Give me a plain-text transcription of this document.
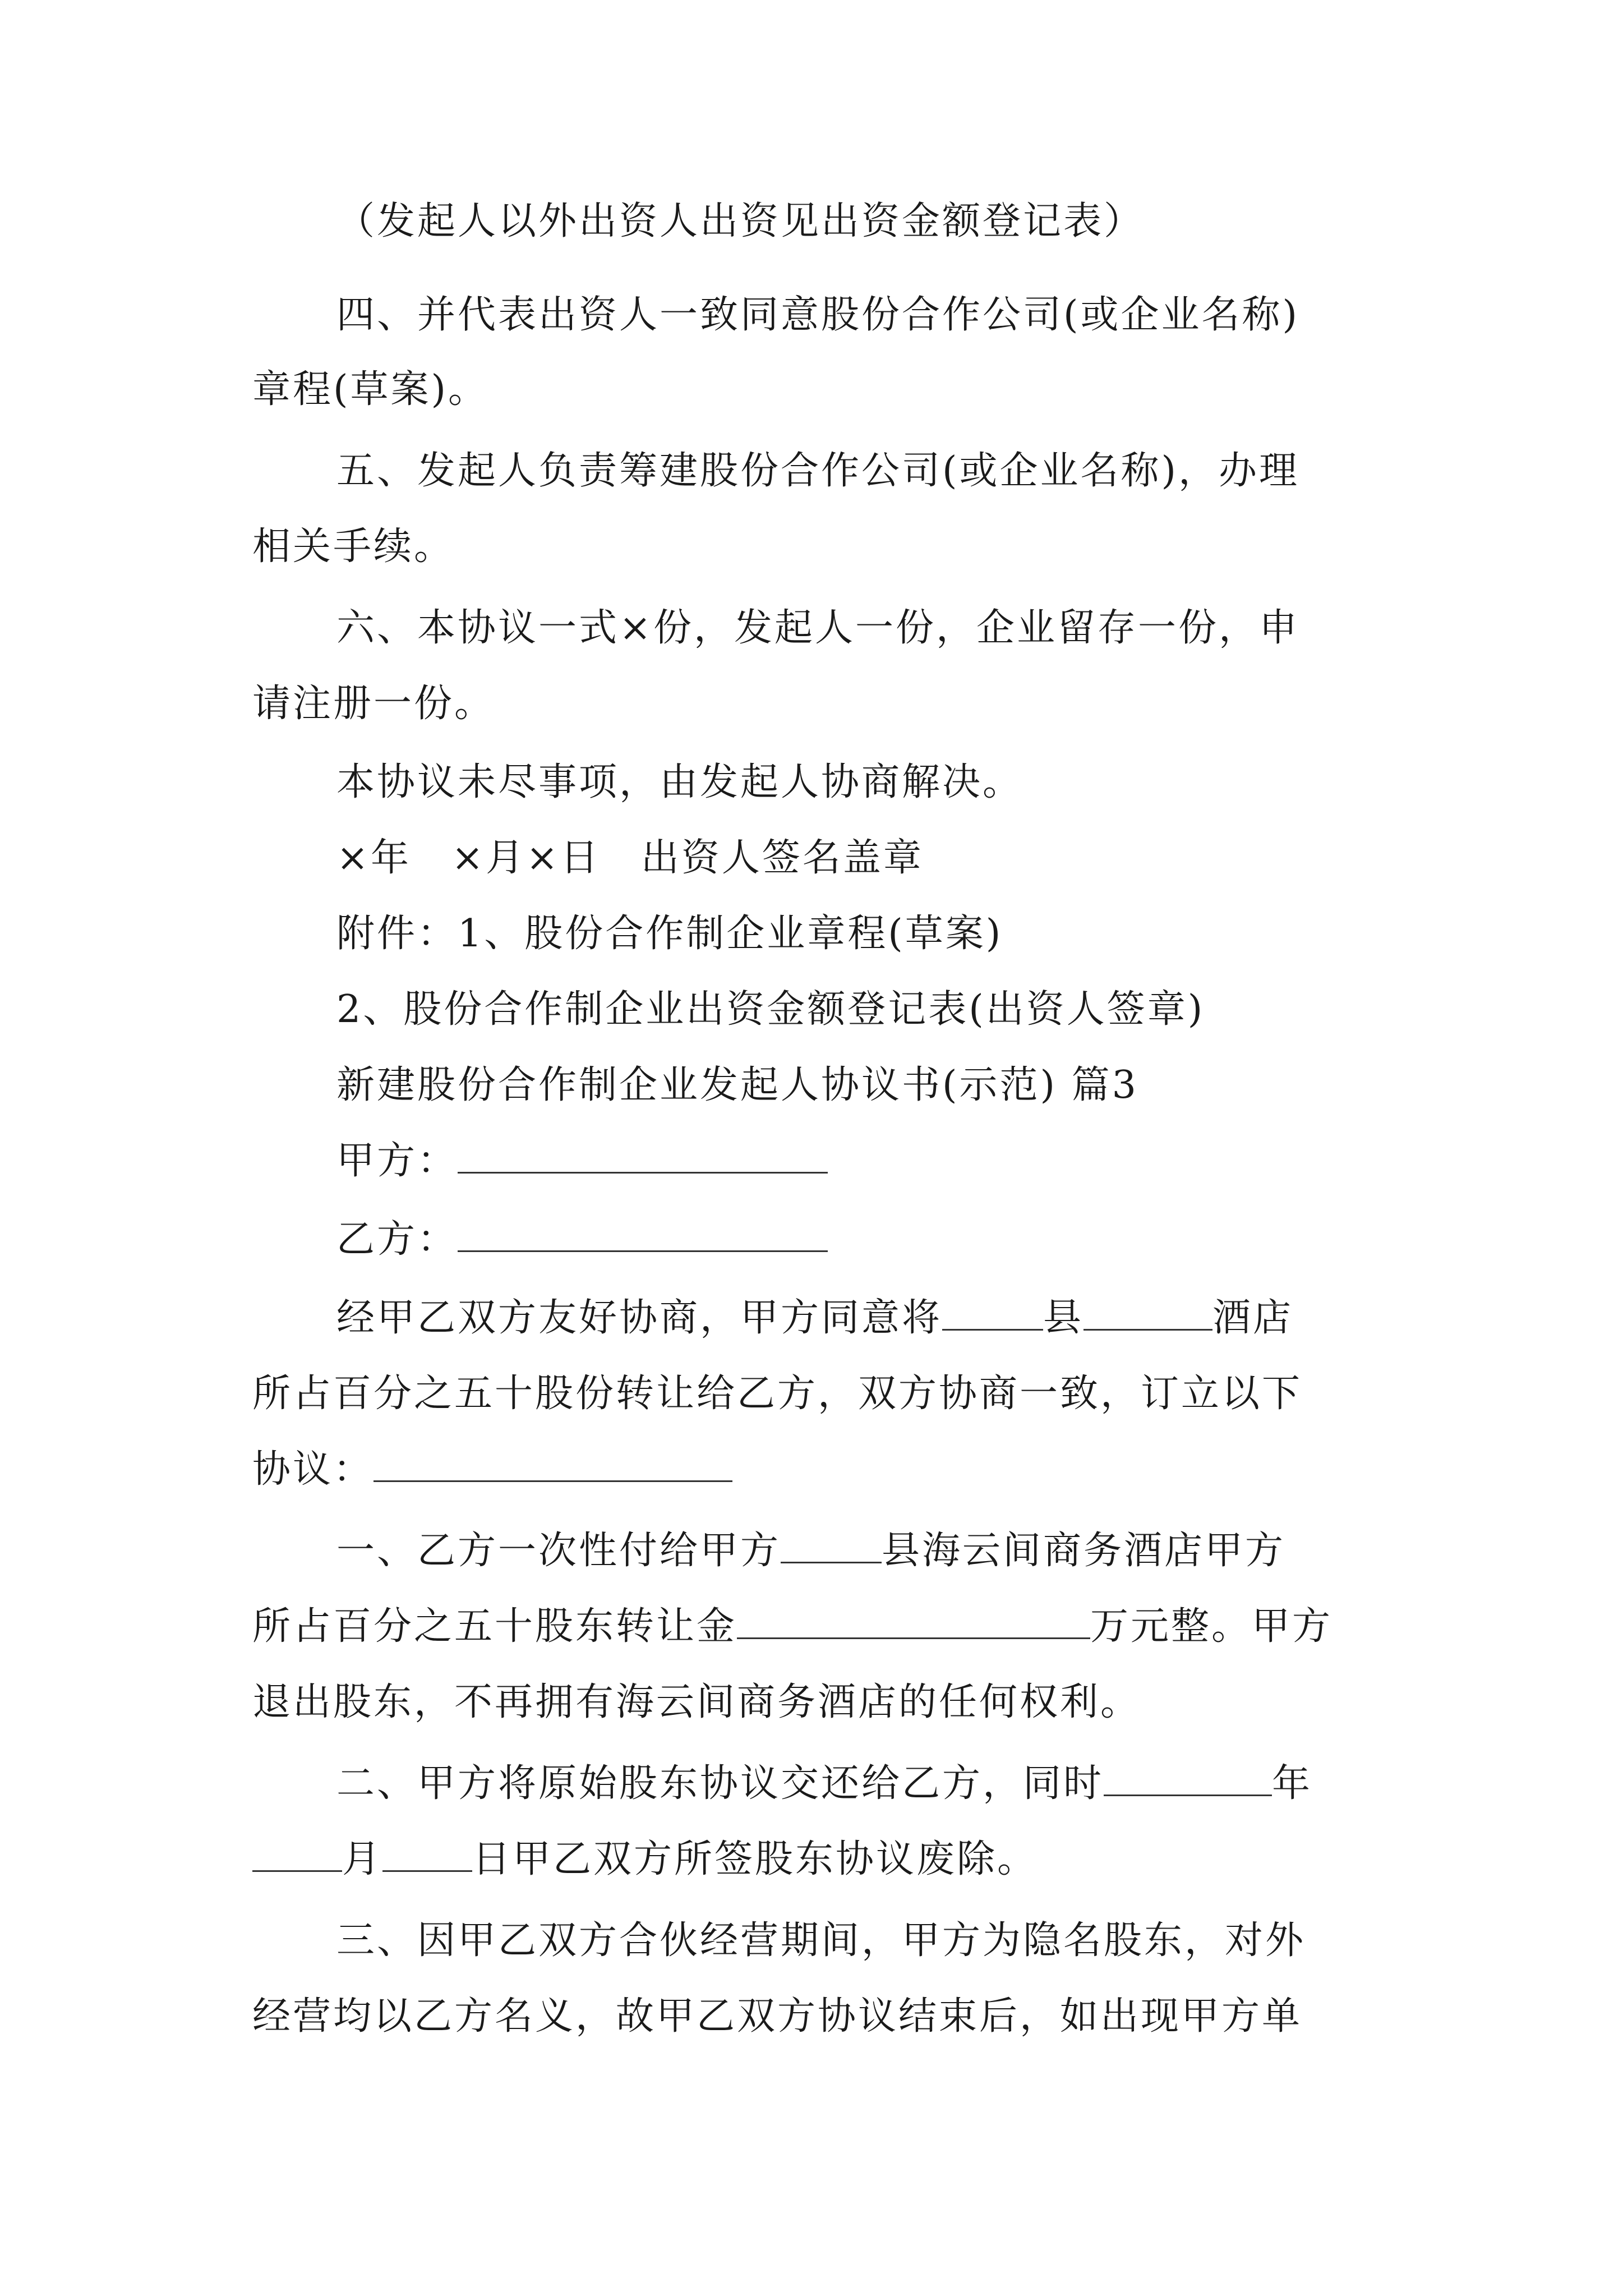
（发起人以外出资人出资见出资金额登记表）
四、并代表出资人一致同意股份合作公司(或企业名称)
章程(草案)。
五、发起人负责筹建股份合作公司(或企业名称)，办理
相关手续。
六、本协议一式×份，发起人一份，企业留存一份，申
请注册一份。
本协议未尽事项，由发起人协商解决。
×年　×月×日　出资人签名盖章
附件：1、股份合作制企业章程(草案)
2、股份合作制企业出资金额登记表(出资人签章)
新建股份合作制企业发起人协议书(示范) 篇3
甲方：
乙方：
经甲乙双方友好协商，甲方同意将	县	酒店
所占百分之五十股份转让给乙方，双方协商一致，订立以下
协议：
一、乙方一次性付给甲方	县海云间商务酒店甲方
所占百分之五十股东转让金	万元整。甲方
退出股东，不再拥有海云间商务酒店的任何权利。
二、甲方将原始股东协议交还给乙方，同时	年
月 日甲乙双方所签股东协议废除。
三、因甲乙双方合伙经营期间，甲方为隐名股东，对外
经营均以乙方名义，故甲乙双方协议结束后，如出现甲方单
